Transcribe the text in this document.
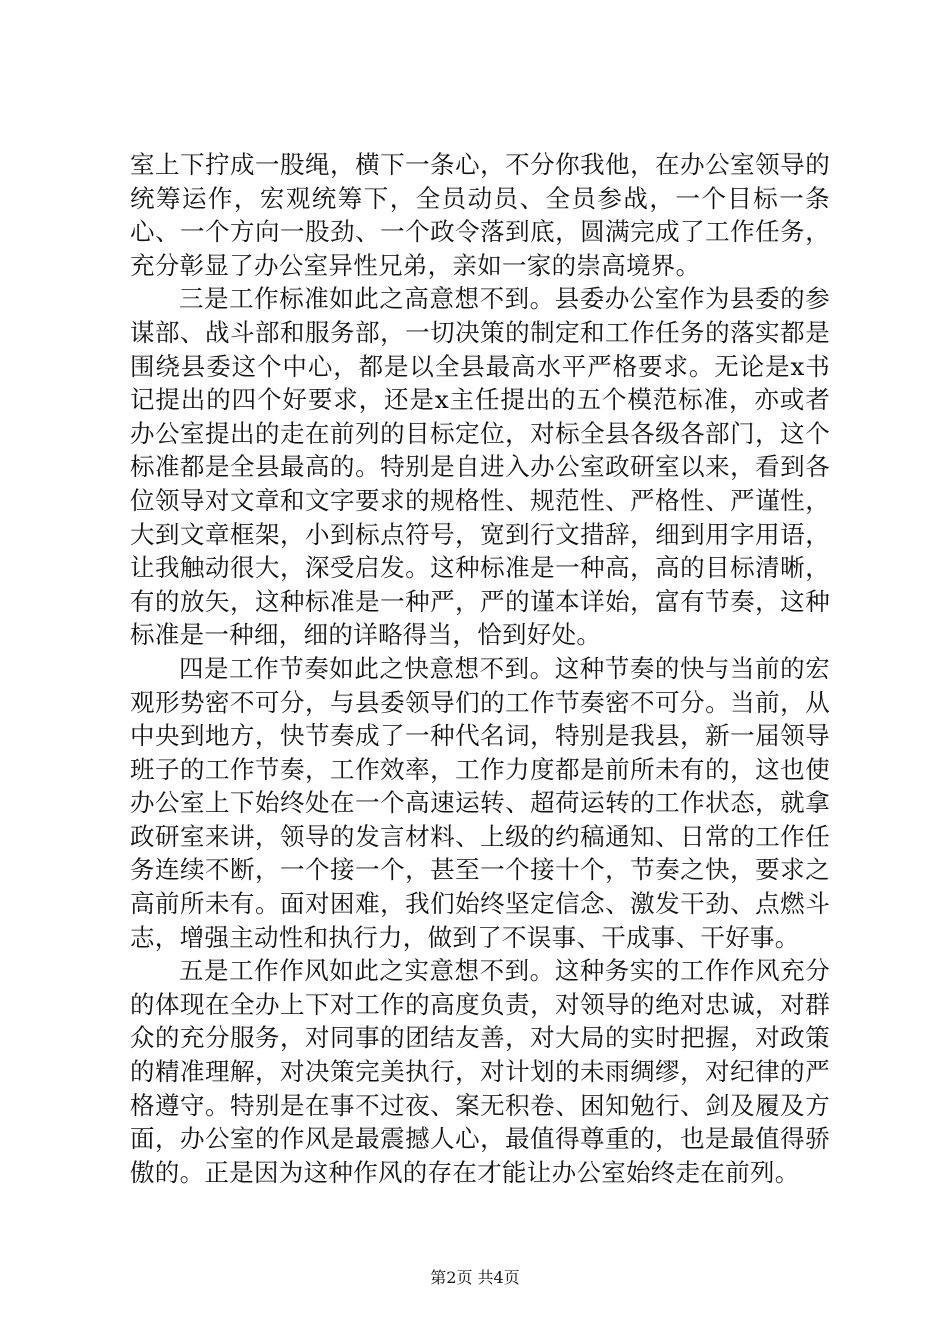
室上下拧成一股绳，横下一条心，不分你我他，在办公室领导的统筹运作，宏观统筹下，全员动员、全员参战，一个目标一条心、一个方向一股劲、一个政令落到底，圆满完成了工作任务，充分彰显了办公室异性兄弟，亲如一家的崇高境界。

三是工作标准如此之高意想不到。县委办公室作为县委的参谋部、战斗部和服务部，一切决策的制定和工作任务的落实都是围绕县委这个中心，都是以全县最高水平严格要求。无论是x书记提出的四个好要求，还是x主任提出的五个模范标准，亦或者办公室提出的走在前列的目标定位，对标全县各级各部门，这个标准都是全县最高的。特别是自进入办公室政研室以来，看到各位领导对文章和文字要求的规格性、规范性、严格性、严谨性，大到文章框架，小到标点符号，宽到行文措辞，细到用字用语，让我触动很大，深受启发。这种标准是一种高，高的目标清晰，有的放矢，这种标准是一种严，严的谨本详始，富有节奏，这种标准是一种细，细的详略得当，恰到好处。

四是工作节奏如此之快意想不到。这种节奏的快与当前的宏观形势密不可分，与县委领导们的工作节奏密不可分。当前，从中央到地方，快节奏成了一种代名词，特别是我县，新一届领导班子的工作节奏，工作效率，工作力度都是前所未有的，这也使办公室上下始终处在一个高速运转、超荷运转的工作状态，就拿政研室来讲，领导的发言材料、上级的约稿通知、日常的工作任务连续不断，一个接一个，甚至一个接十个，节奏之快，要求之高前所未有。面对困难，我们始终坚定信念、激发干劲、点燃斗志，增强主动性和执行力，做到了不误事、干成事、干好事。

五是工作作风如此之实意想不到。这种务实的工作作风充分的体现在全办上下对工作的高度负责，对领导的绝对忠诚，对群众的充分服务，对同事的团结友善，对大局的实时把握，对政策的精准理解，对决策完美执行，对计划的未雨绸缪，对纪律的严格遵守。特别是在事不过夜、案无积卷、困知勉行、剑及履及方面，办公室的作风是最震撼人心，最值得尊重的，也是最值得骄傲的。正是因为这种作风的存在才能让办公室始终走在前列。

第2页 共4页
